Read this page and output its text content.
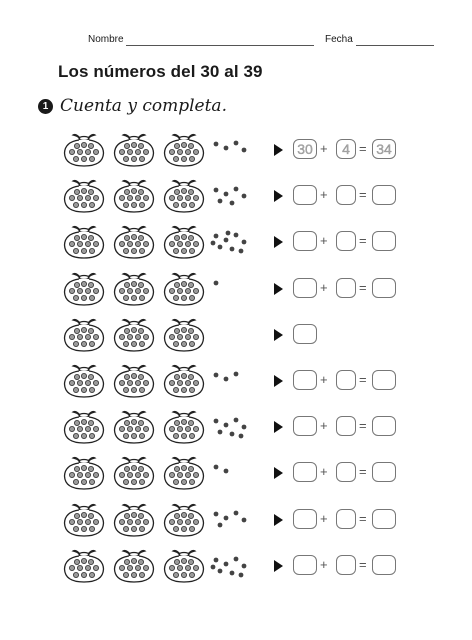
Nombre	Fecha
Los números del 30 al 39
1 Cuenta y completa.
30 +	4 = 34
+ =
+ =
+ =
+ =
+ =
+ =
+ =
+ =
